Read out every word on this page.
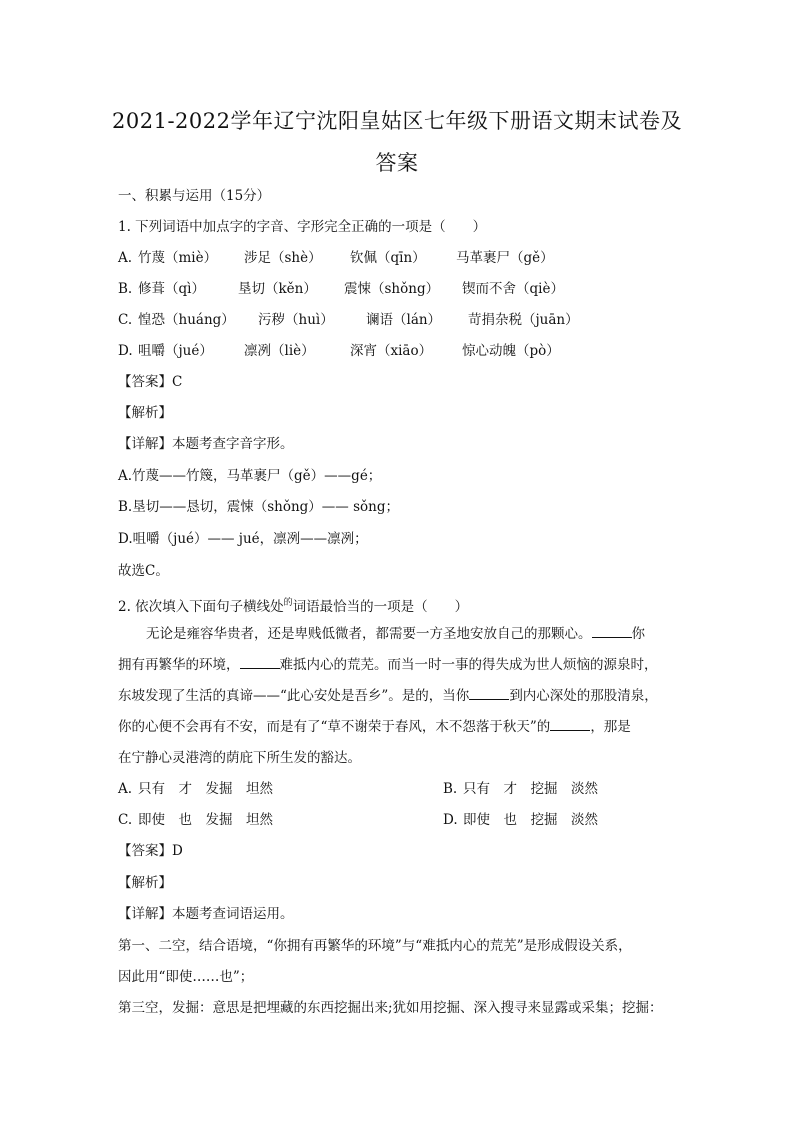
2021-2022学年辽宁沈阳皇姑区七年级下册语文期末试卷及
答案
一、积累与运用（15分）
1. 下列词语中加点字的字音、字形完全正确的一项是（　　）
A. 竹蔑（miè） 涉足（shè） 钦佩（qīn） 马革裹尸（gě）
B. 修葺（qì） 垦切（kěn） 震悚（shǒng） 锲而不舍（qiè）
C. 惶恐（huáng） 污秽（huì） 谰语（lán） 苛捐杂税（juān）
D. 咀嚼（jué） 凛冽（liè）	深宵（xiāo） 惊心动魄（pò）
【答案】C
【解析】
【详解】本题考查字音字形。
A.竹蔑——竹篾，马革裹尸（gě）——gé；
B.垦切——恳切，震悚（shǒng）—— sǒng；
D.咀嚼（jué）—— jué，凛冽——凛冽；
故选C。
2. 依次填入下面句子横线处$^的$词语最恰当的一项是（　　）
无论是雍容华贵者，还是卑贱低微者，都需要一方圣地安放自己的那颗心。	你
拥有再繁华的环境，	难抵内心的荒芜。而当一时一事的得失成为世人烦恼的源泉时，
东坡发现了生活的真谛——“此心安处是吾乡”。是的，当你	到内心深处的那股清泉，
你的心便不会再有不安，而是有了“草不谢荣于春风，木不怨落于秋天”的	，那是
在宁静心灵港湾的荫庇下所生发的豁达。
A. 只有　才　发掘　坦然	B. 只有　才　挖掘　淡然
C. 即使　也　发掘　坦然	D. 即使　也　挖掘　淡然
【答案】D
【解析】
【详解】本题考查词语运用。
第一、二空，结合语境，“你拥有再繁华的环境”与“难抵内心的荒芜”是形成假设关系，
因此用“即使……也”；
第三空，发掘：意思是把埋藏的东西挖掘出来;犹如用挖掘、深入搜寻来显露或采集；挖掘：
